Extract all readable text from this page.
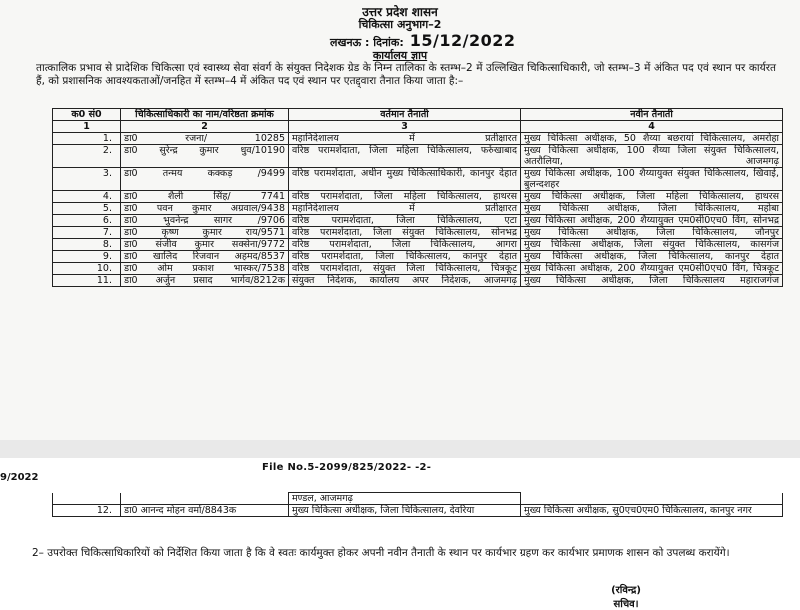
उत्तर प्रदेश शासन
चिकित्सा अनुभाग–2
लखनऊ : दिनांक: 15/12/2022
कार्यालय ज्ञाप
तात्कालिक प्रभाव से प्रादेशिक चिकित्सा एवं स्वास्थ्य सेवा संवर्ग के संयुक्त निदेशक ग्रेड के निम्न तालिका के स्तम्भ–2 में उल्लिखित चिकित्साधिकारी, जो स्तम्भ–3 में अंकित पद एवं स्थान पर कार्यरत हैं, को प्रशासनिक आवश्यकताओं/जनहित में स्तम्भ–4 में अंकित पद एवं स्थान पर एतद्द्वारा तैनात किया जाता है:–
क0 सं0	चिकित्साधिकारी का नाम/वरिष्ठता क्रमांक	वर्तमान तैनाती	नवीन तैनाती
1	2	3	4
1.	डा0 रजना/ 10285	महानिदेशालय में प्रतीक्षारत	मुख्य चिकित्सा अधीक्षक, 50 शैय्या बछरायां चिकित्सालय, अमरोहा
2.	डा0 सुरेन्द्र कुमार धुव/10190	वरिष्ठ परामर्शदाता, जिला महिला चिकित्सालय, फर्रुखाबाद	मुख्य चिकित्सा अधीक्षक, 100 शैय्या जिला संयुक्त चिकित्सालय, अतरौलिया, आजमगढ़
3.	डा0 तन्मय कक्कड़ /9499	वरिष्ठ परामर्शदाता, अधीन मुख्य चिकित्साधिकारी, कानपुर देहात	मुख्य चिकित्सा अधीक्षक, 100 शैय्यायुक्त संयुक्त चिकित्सालय, खिवाई, बुलन्दशहर
4.	डा0 शैली सिंह/ 7741	वरिष्ठ परामर्शदाता, जिला महिला चिकित्सालय, हाथरस	मुख्य चिकित्सा अधीक्षक, जिला महिला चिकित्सालय, हाथरस
5.	डा0 पवन कुमार अग्रवाल/9438	महानिदेशालय में प्रतीक्षारत	मुख्य चिकित्सा अधीक्षक, जिला चिकित्सालय, महोबा
6.	डा0 भुवनेन्द्र सागर /9706	वरिष्ठ परामर्शदाता, जिला चिकित्सालय, एटा	मुख्य चिकित्सा अधीक्षक, 200 शैय्यायुक्त एम0सी0एच0 विंग, सोनभद्र
7.	डा0 कृष्ण कुमार राय/9571	वरिष्ठ परामर्शदाता, जिला संयुक्त चिकित्सालय, सोनभद्र	मुख्य चिकित्सा अधीक्षक, जिला चिकित्सालय, जौनपुर
8.	डा0 संजीव कुमार सक्सेना/9772	वरिष्ठ परामर्शदाता, जिला चिकित्सालय, आगरा	मुख्य चिकित्सा अधीक्षक, जिला संयुक्त चिकित्सालय, कासगंज
9.	डा0 खालिद रिजवान अहमद/8537	वरिष्ठ परामर्शदाता, जिला चिकित्सालय, कानपुर देहात	मुख्य चिकित्सा अधीक्षक, जिला चिकित्सालय, कानपुर देहात
10.	डा0 ओम प्रकाश भास्कर/7538	वरिष्ठ परामर्शदाता, संयुक्त जिला चिकित्सालय, चित्रकूट	मुख्य चिकित्सा अधीक्षक, 200 शैय्यायुक्त एम0सी0एच0 विंग, चित्रकूट
11.	डा0 अर्जुन प्रसाद भार्गव/8212क	संयुक्त निदेशक, कार्यालय अपर निदेशक, आजमगढ़	मुख्य चिकित्सा अधीक्षक, जिला चिकित्सालय महाराजगंज
File No.5-2099/825/2022- -2-
9/2022
		मण्डल, आजमगढ़	
12.	डा0 आनन्द मोहन वर्मा/8843क	मुख्य चिकित्सा अधीक्षक, जिला चिकित्सालय, देवरिया	मुख्य चिकित्सा अधीक्षक, सु0एच0एम0 चिकित्सालय, कानपुर नगर
2– उपरोक्त चिकित्साधिकारियों को निर्देशित किया जाता है कि वे स्वतः कार्यमुक्त होकर अपनी नवीन तैनाती के स्थान पर कार्यभार ग्रहण कर कार्यभार प्रमाणक शासन को उपलब्ध करायेंगे।
(रविन्द्र)
सचिव।
